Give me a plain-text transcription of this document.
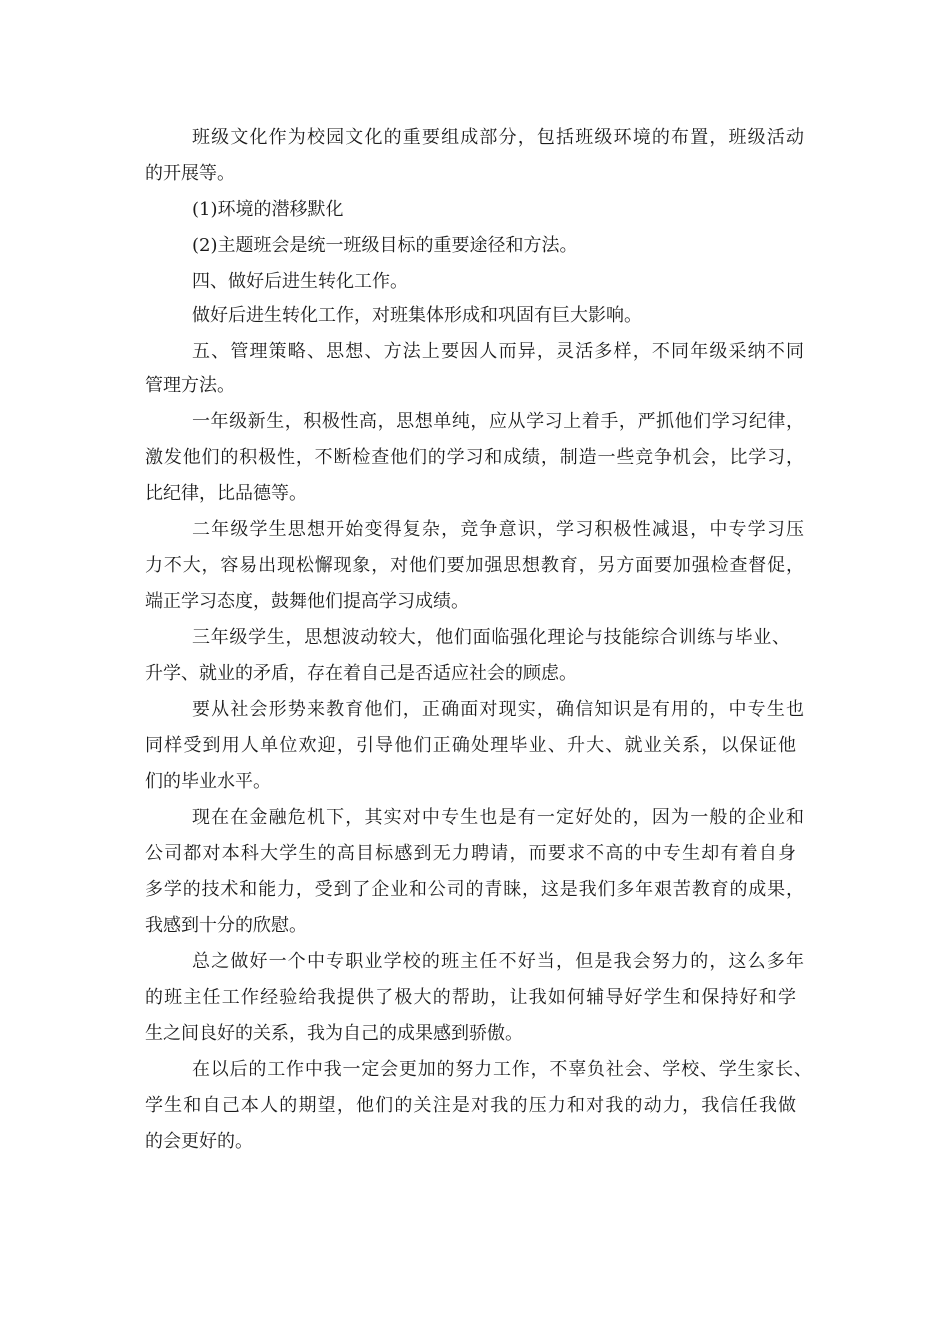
班级文化作为校园文化的重要组成部分，包括班级环境的布置，班级活动
的开展等。
(1)环境的潜移默化
(2)主题班会是统一班级目标的重要途径和方法。
四、做好后进生转化工作。
做好后进生转化工作，对班集体形成和巩固有巨大影响。
五、管理策略、思想、方法上要因人而异，灵活多样，不同年级采纳不同
管理方法。
一年级新生，积极性高，思想单纯，应从学习上着手，严抓他们学习纪律，
激发他们的积极性，不断检查他们的学习和成绩，制造一些竞争机会，比学习，
比纪律，比品德等。
二年级学生思想开始变得复杂，竞争意识，学习积极性减退，中专学习压
力不大，容易出现松懈现象，对他们要加强思想教育，另方面要加强检查督促，
端正学习态度，鼓舞他们提高学习成绩。
三年级学生，思想波动较大，他们面临强化理论与技能综合训练与毕业、
升学、就业的矛盾，存在着自己是否适应社会的顾虑。
要从社会形势来教育他们，正确面对现实，确信知识是有用的，中专生也
同样受到用人单位欢迎，引导他们正确处理毕业、升大、就业关系，以保证他
们的毕业水平。
现在在金融危机下，其实对中专生也是有一定好处的，因为一般的企业和
公司都对本科大学生的高目标感到无力聘请，而要求不高的中专生却有着自身
多学的技术和能力，受到了企业和公司的青睐，这是我们多年艰苦教育的成果，
我感到十分的欣慰。
总之做好一个中专职业学校的班主任不好当，但是我会努力的，这么多年
的班主任工作经验给我提供了极大的帮助，让我如何辅导好学生和保持好和学
生之间良好的关系，我为自己的成果感到骄傲。
在以后的工作中我一定会更加的努力工作，不辜负社会、学校、学生家长、
学生和自己本人的期望，他们的关注是对我的压力和对我的动力，我信任我做
的会更好的。
